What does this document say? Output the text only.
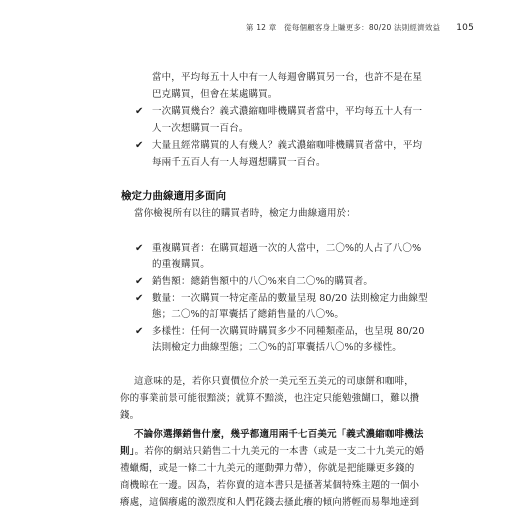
第 12 章　從每個顧客身上賺更多：80/20 法則經濟效益 105
當中，平均每五十人中有一人每週會購買另一台，也許不是在星
巴克購買，但會在某處購買。
✔ 一次購買幾台？義式濃縮咖啡機購買者當中，平均每五十人有一
人一次想購買一百台。
✔ 大量且經常購買的人有幾人？義式濃縮咖啡機購買者當中，平均
每兩千五百人有一人每週想購買一百台。
檢定力曲線適用多面向
當你檢視所有以往的購買者時，檢定力曲線適用於：
✔ 重複購買者：在購買超過一次的人當中，二〇%的人占了八〇%
的重複購買。
✔ 銷售額：總銷售額中的八〇%來自二〇%的購買者。
✔ 數量：一次購買一特定產品的數量呈現 80/20 法則檢定力曲線型
態；二〇%的訂單囊括了總銷售量的八〇%。
✔ 多樣性：任何一次購買時購買多少不同種類產品，也呈現 80/20
法則檢定力曲線型態；二〇%的訂單囊括八〇%的多樣性。
這意味的是，若你只賣價位介於一美元至五美元的司康餅和咖啡，
你的事業前景可能很黯淡；就算不黯淡，也注定只能勉強餬口，難以攢
錢。
不論你選擇銷售什麼，幾乎都適用兩千七百美元「義式濃縮咖啡機法
則」。若你的網站只銷售二十九美元的一本書（或是一支二十九美元的婚
禮蠟燭，或是一條二十九美元的運動彈力帶），你就是把能賺更多錢的
商機晾在一邊。因為，若你賣的這本書只是搔著某個特殊主題的一個小
癢處，這個癢處的激烈度和人們花錢去搔此癢的傾向將輕而易舉地達到
